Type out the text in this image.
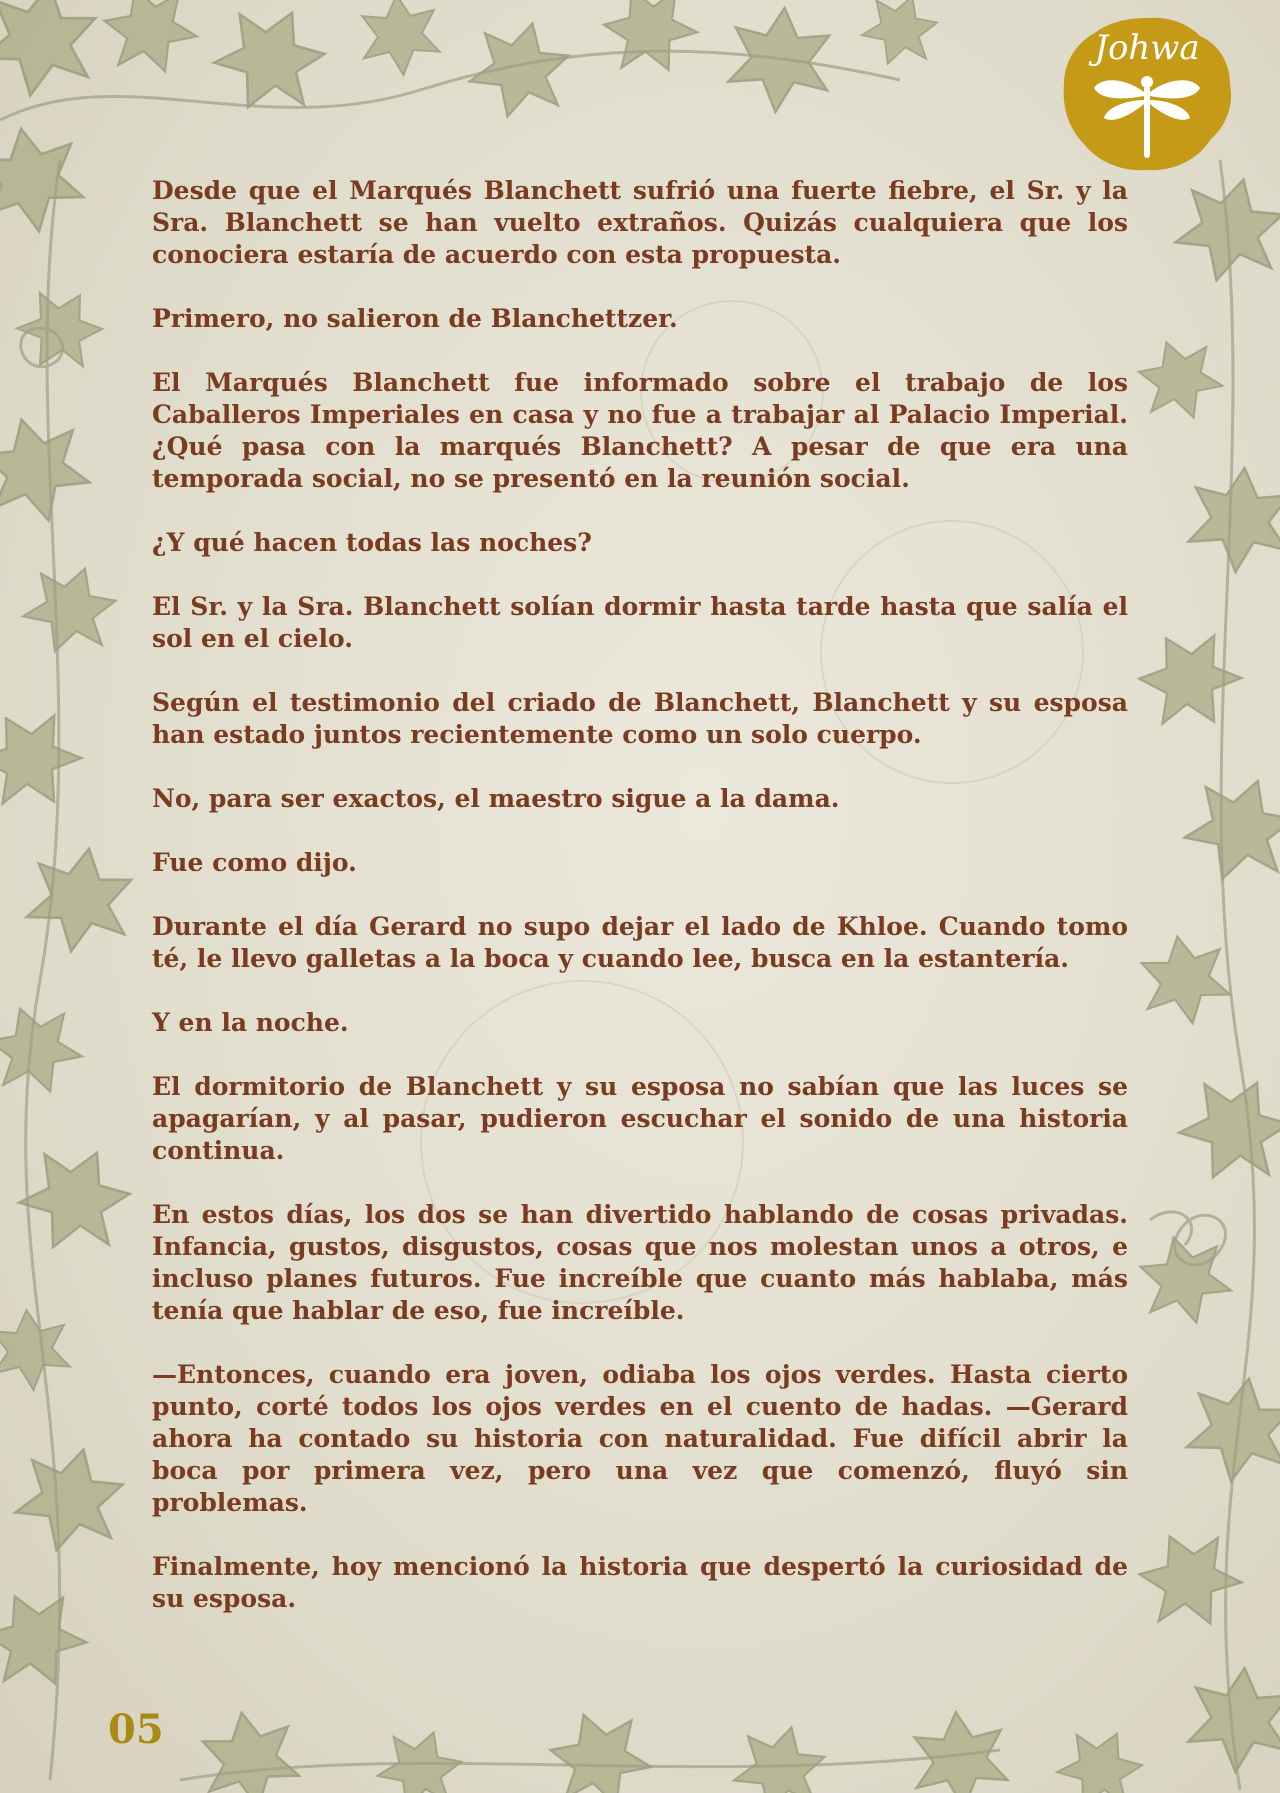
Johwa

Desde que el Marqués Blanchett sufrió una fuerte fiebre, el Sr. y la Sra. Blanchett se han vuelto extraños. Quizás cualquiera que los conociera estaría de acuerdo con esta propuesta.

Primero, no salieron de Blanchettzer.

El Marqués Blanchett fue informado sobre el trabajo de los Caballeros Imperiales en casa y no fue a trabajar al Palacio Imperial. ¿Qué pasa con la marqués Blanchett? A pesar de que era una temporada social, no se presentó en la reunión social.

¿Y qué hacen todas las noches?

El Sr. y la Sra. Blanchett solían dormir hasta tarde hasta que salía el sol en el cielo.

Según el testimonio del criado de Blanchett, Blanchett y su esposa han estado juntos recientemente como un solo cuerpo.

No, para ser exactos, el maestro sigue a la dama.

Fue como dijo.

Durante el día Gerard no supo dejar el lado de Khloe. Cuando tomo té, le llevo galletas a la boca y cuando lee, busca en la estantería.

Y en la noche.

El dormitorio de Blanchett y su esposa no sabían que las luces se apagarían, y al pasar, pudieron escuchar el sonido de una historia continua.

En estos días, los dos se han divertido hablando de cosas privadas. Infancia, gustos, disgustos, cosas que nos molestan unos a otros, e incluso planes futuros. Fue increíble que cuanto más hablaba, más tenía que hablar de eso, fue increíble.

—Entonces, cuando era joven, odiaba los ojos verdes. Hasta cierto punto, corté todos los ojos verdes en el cuento de hadas. —Gerard ahora ha contado su historia con naturalidad. Fue difícil abrir la boca por primera vez, pero una vez que comenzó, fluyó sin problemas.

Finalmente, hoy mencionó la historia que despertó la curiosidad de su esposa.

05
